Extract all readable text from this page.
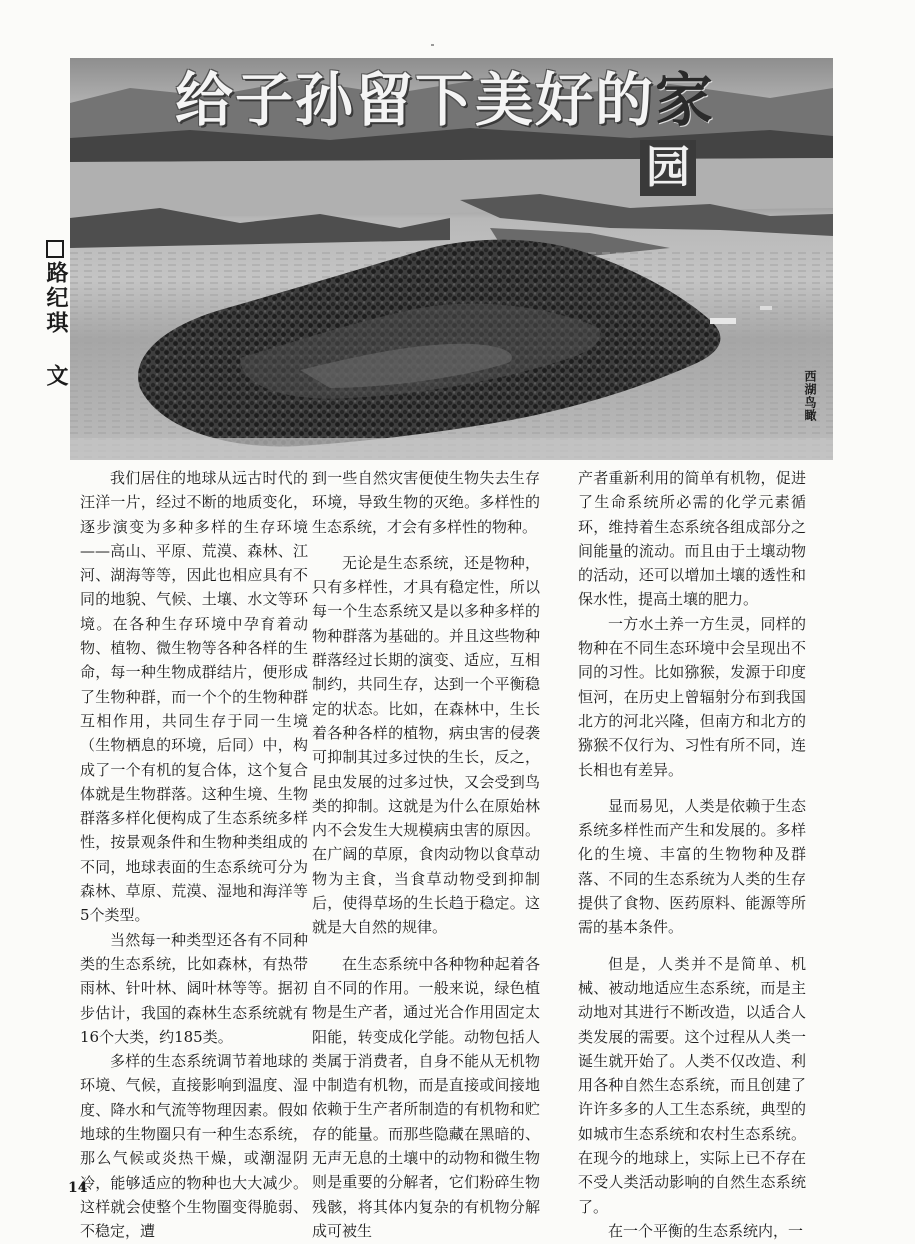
给子孙留下美好的家
园
路纪琪 文
西湖鸟瞰

我们居住的地球从远古时代的汪洋一片，经过不断的地质变化，逐步演变为多种多样的生存环境——高山、平原、荒漠、森林、江河、湖海等等，因此也相应具有不同的地貌、气候、土壤、水文等环境。在各种生存环境中孕育着动物、植物、微生物等各种各样的生命，每一种生物成群结片，便形成了生物种群，而一个个的生物种群互相作用，共同生存于同一生境（生物栖息的环境，后同）中，构成了一个有机的复合体，这个复合体就是生物群落。这种生境、生物群落多样化便构成了生态系统多样性，按景观条件和生物种类组成的不同，地球表面的生态系统可分为森林、草原、荒漠、湿地和海洋等5个类型。

当然每一种类型还各有不同种类的生态系统，比如森林，有热带雨林、针叶林、阔叶林等等。据初步估计，我国的森林生态系统就有16个大类，约185类。

多样的生态系统调节着地球的环境、气候，直接影响到温度、湿度、降水和气流等物理因素。假如地球的生物圈只有一种生态系统，那么气候或炎热干燥，或潮湿阴冷，能够适应的物种也大大减少。这样就会使整个生物圈变得脆弱、不稳定，遭

到一些自然灾害便使生物失去生存环境，导致生物的灭绝。多样性的生态系统，才会有多样性的物种。

无论是生态系统，还是物种，只有多样性，才具有稳定性，所以每一个生态系统又是以多种多样的物种群落为基础的。并且这些物种群落经过长期的演变、适应，互相制约，共同生存，达到一个平衡稳定的状态。比如，在森林中，生长着各种各样的植物，病虫害的侵袭可抑制其过多过快的生长，反之，昆虫发展的过多过快，又会受到鸟类的抑制。这就是为什么在原始林内不会发生大规模病虫害的原因。在广阔的草原，食肉动物以食草动物为主食，当食草动物受到抑制后，使得草场的生长趋于稳定。这就是大自然的规律。

在生态系统中各种物种起着各自不同的作用。一般来说，绿色植物是生产者，通过光合作用固定太阳能，转变成化学能。动物包括人类属于消费者，自身不能从无机物中制造有机物，而是直接或间接地依赖于生产者所制造的有机物和贮存的能量。而那些隐藏在黑暗的、无声无息的土壤中的动物和微生物则是重要的分解者，它们粉碎生物残骸，将其体内复杂的有机物分解成可被生

产者重新利用的简单有机物，促进了生命系统所必需的化学元素循环，维持着生态系统各组成部分之间能量的流动。而且由于土壤动物的活动，还可以增加土壤的透性和保水性，提高土壤的肥力。

一方水土养一方生灵，同样的物种在不同生态环境中会呈现出不同的习性。比如猕猴，发源于印度恒河，在历史上曾辐射分布到我国北方的河北兴隆，但南方和北方的猕猴不仅行为、习性有所不同，连长相也有差异。

显而易见，人类是依赖于生态系统多样性而产生和发展的。多样化的生境、丰富的生物物种及群落、不同的生态系统为人类的生存提供了食物、医药原料、能源等所需的基本条件。

但是，人类并不是简单、机械、被动地适应生态系统，而是主动地对其进行不断改造，以适合人类发展的需要。这个过程从人类一诞生就开始了。人类不仅改造、利用各种自然生态系统，而且创建了许许多多的人工生态系统，典型的如城市生态系统和农村生态系统。在现今的地球上，实际上已不存在不受人类活动影响的自然生态系统了。

在一个平衡的生态系统内，一

14
